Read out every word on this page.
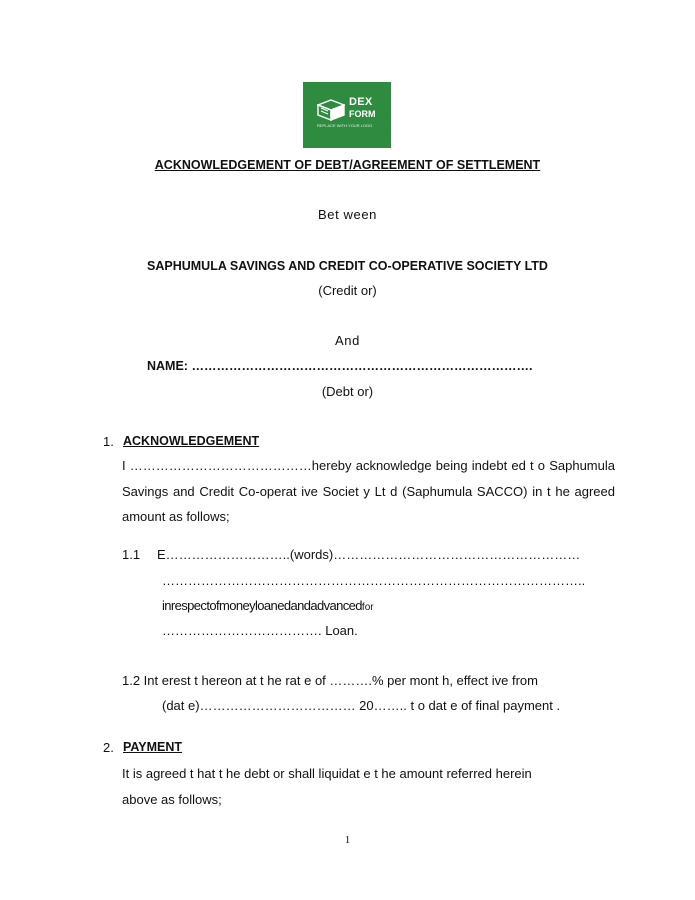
DEX
FORM
REPLACE WITH YOUR LOGO
ACKNOWLEDGEMENT OF DEBT/AGREEMENT OF SETTLEMENT
Bet ween
SAPHUMULA SAVINGS AND CREDIT CO-OPERATIVE SOCIETY LTD
(Credit or)
And
NAME: ……………………………………………………………………….
(Debt or)
1. ACKNOWLEDGEMENT
I ……………………………………hereby acknowledge being indebt ed t o Saphumula Savings and Credit Co-operat ive Societ y Lt d (Saphumula SACCO) in t he agreed amount as follows;
1.1 E………………………..(words)…………………………………………………
……………………………………………………………………………………..
inrespectofmoneyloanedandadvancedfor
………………………………. Loan.
1.2 Int erest t hereon at t he rat e of ……….% per mont h, effect ive from
(dat e)……………………………… 20…….. t o dat e of final payment .
2. PAYMENT
It is agreed t hat t he debt or shall liquidat e t he amount referred herein
above as follows;
1
